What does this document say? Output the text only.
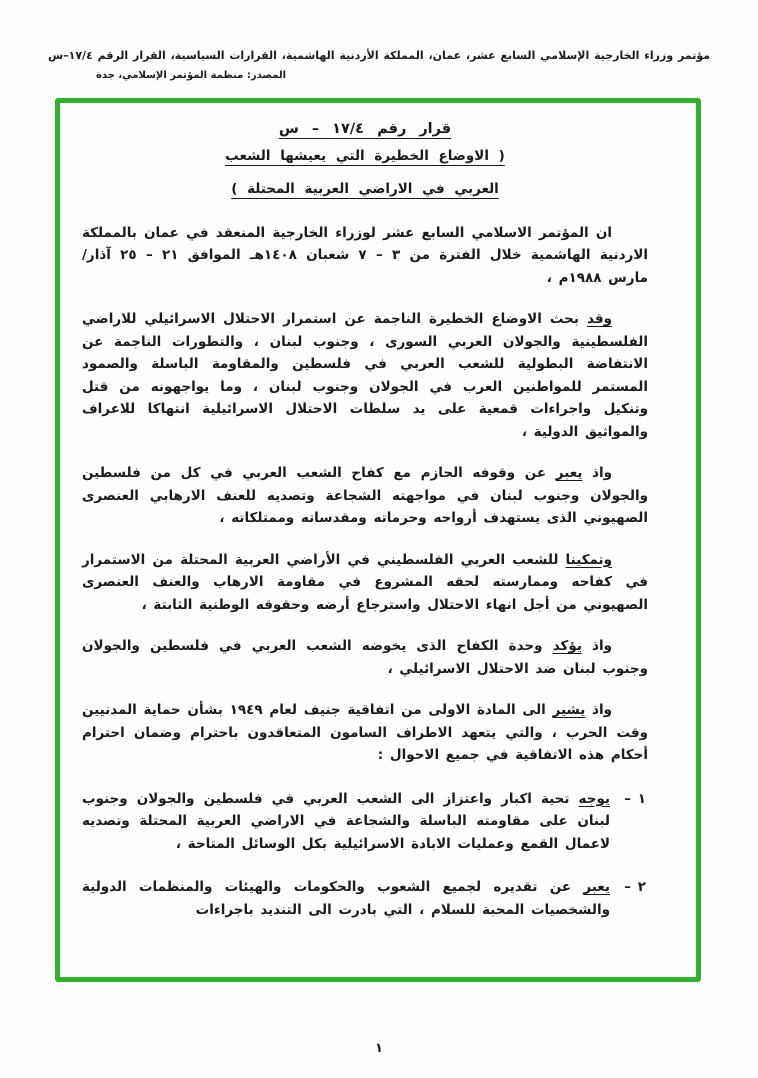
مؤتمر وزراء الخارجية الإسلامي السابع عشر، عمان، المملكة الأردنية الهاشمية، القرارات السياسية، القرار الرقم ١٧/٤–س
المصدر: منظمة المؤتمر الإسلامي، جدة
قرار رقم ١٧/٤ – س
( الاوضاع الخطيرة التي يعيشها الشعب
العربي في الاراضي العربية المحتلة )

ان المؤتمر الاسلامي السابع عشر لوزراء الخارجية المنعقد في عمان بالمملكة الاردنية الهاشمية خلال الفترة من ٣ – ٧ شعبان ١٤٠٨هـ الموافق ٢١ – ٢٥ آذار/مارس ١٩٨٨م ،

وقد بحث الاوضاع الخطيرة الناجمة عن استمرار الاحتلال الاسرائيلي للاراضي الفلسطينية والجولان العربي السورى ، وجنوب لبنان ، والتطورات الناجمة عن الانتفاضة البطولية للشعب العربي في فلسطين والمقاومة الباسلة والصمود المستمر للمواطنين العرب في الجولان وجنوب لبنان ، وما يواجهونه من قتل وتنكيل واجراءات قمعية على يد سلطات الاحتلال الاسرائيلية انتهاكا للاعراف والمواثيق الدولية ،

واذ يعبر عن وقوفه الحازم مع كفاح الشعب العربي في كل من فلسطين والجولان وجنوب لبنان في مواجهته الشجاعة وتصديه للعنف الارهابي العنصرى الصهيوني الذى يستهدف أرواحه وحرماته ومقدساته وممتلكاته ،

وتمكينا للشعب العربي الفلسطيني في الأراضي العربية المحتلة من الاستمرار في كفاحه وممارسته لحقه المشروع في مقاومة الارهاب والعنف العنصرى الصهيوني من أجل انهاء الاحتلال واسترجاع أرضه وحقوقه الوطنية الثابتة ،

واذ يؤكد وحدة الكفاح الذى يخوضه الشعب العربي في فلسطين والجولان وجنوب لبنان ضد الاحتلال الاسرائيلي ،

واذ يشير الى المادة الاولى من اتفاقية جنيف لعام ١٩٤٩ بشأن حماية المدنيين وقت الحرب ، والتي يتعهد الاطراف السامون المتعاقدون باحترام وضمان احترام أحكام هذه الاتفاقية في جميع الاحوال :

١ –
يوجه تحية اكبار واعتزاز الى الشعب العربي في فلسطين والجولان وجنوب لبنان على مقاومته الباسلة والشجاعة في الاراضي العربية المحتلة وتصديه لاعمال القمع وعمليات الابادة الاسرائيلية بكل الوسائل المتاحة ،

٢ –
يعبر عن تقديره لجميع الشعوب والحكومات والهيئات والمنظمات الدولية والشخصيات المحبة للسلام ، التي بادرت الى التنديد باجراءات

١
